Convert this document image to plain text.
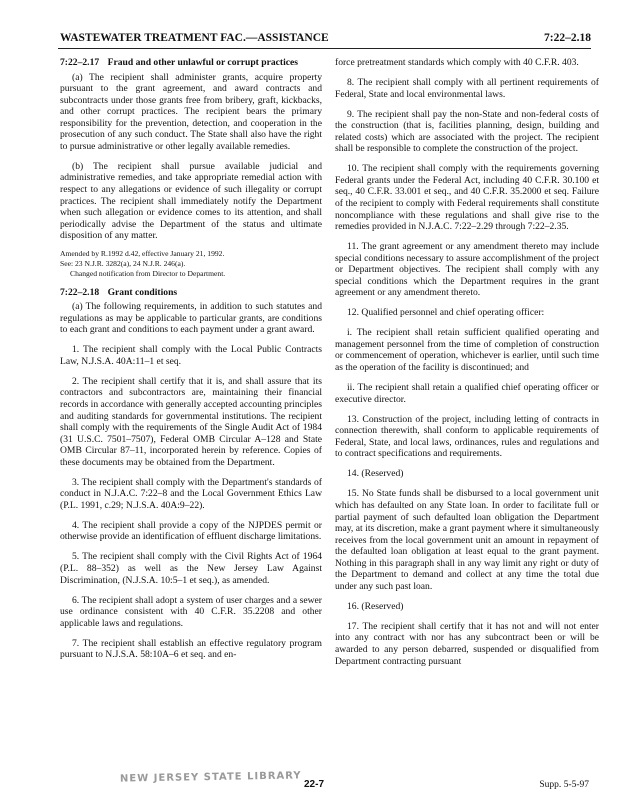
WASTEWATER TREATMENT FAC.—ASSISTANCE	7:22–2.18
7:22–2.17 Fraud and other unlawful or corrupt practices

(a) The recipient shall administer grants, acquire property pursuant to the grant agreement, and award contracts and subcontracts under those grants free from bribery, graft, kickbacks, and other corrupt practices. The recipient bears the primary responsibility for the prevention, detection, and cooperation in the prosecution of any such conduct. The State shall also have the right to pursue administrative or other legally available remedies.

(b) The recipient shall pursue available judicial and administrative remedies, and take appropriate remedial action with respect to any allegations or evidence of such illegality or corrupt practices. The recipient shall immediately notify the Department when such allegation or evidence comes to its attention, and shall periodically advise the Department of the status and ultimate disposition of any matter.

Amended by R.1992 d.42, effective January 21, 1992.

See: 23 N.J.R. 3282(a), 24 N.J.R. 246(a).

Changed notification from Director to Department.

7:22–2.18 Grant conditions

(a) The following requirements, in addition to such statutes and regulations as may be applicable to particular grants, are conditions to each grant and conditions to each payment under a grant award.

1. The recipient shall comply with the Local Public Contracts Law, N.J.S.A. 40A:11–1 et seq.

2. The recipient shall certify that it is, and shall assure that its contractors and subcontractors are, maintaining their financial records in accordance with generally accepted accounting principles and auditing standards for governmental institutions. The recipient shall comply with the requirements of the Single Audit Act of 1984 (31 U.S.C. 7501–7507), Federal OMB Circular A–128 and State OMB Circular 87–11, incorporated herein by reference. Copies of these documents may be obtained from the Department.

3. The recipient shall comply with the Department's standards of conduct in N.J.A.C. 7:22–8 and the Local Government Ethics Law (P.L. 1991, c.29; N.J.S.A. 40A:9–22).

4. The recipient shall provide a copy of the NJPDES permit or otherwise provide an identification of effluent discharge limitations.

5. The recipient shall comply with the Civil Rights Act of 1964 (P.L. 88–352) as well as the New Jersey Law Against Discrimination, (N.J.S.A. 10:5–1 et seq.), as amended.

6. The recipient shall adopt a system of user charges and a sewer use ordinance consistent with 40 C.F.R. 35.2208 and other applicable laws and regulations.

7. The recipient shall establish an effective regulatory program pursuant to N.J.S.A. 58:10A–6 et seq. and en-

force pretreatment standards which comply with 40 C.F.R. 403.

8. The recipient shall comply with all pertinent requirements of Federal, State and local environmental laws.

9. The recipient shall pay the non-State and non-federal costs of the construction (that is, facilities planning, design, building and related costs) which are associated with the project. The recipient shall be responsible to complete the construction of the project.

10. The recipient shall comply with the requirements governing Federal grants under the Federal Act, including 40 C.F.R. 30.100 et seq., 40 C.F.R. 33.001 et seq., and 40 C.F.R. 35.2000 et seq. Failure of the recipient to comply with Federal requirements shall constitute noncompliance with these regulations and shall give rise to the remedies provided in N.J.A.C. 7:22–2.29 through 7:22–2.35.

11. The grant agreement or any amendment thereto may include special conditions necessary to assure accomplishment of the project or Department objectives. The recipient shall comply with any special conditions which the Department requires in the grant agreement or any amendment thereto.

12. Qualified personnel and chief operating officer:

i. The recipient shall retain sufficient qualified operating and management personnel from the time of completion of construction or commencement of operation, whichever is earlier, until such time as the operation of the facility is discontinued; and

ii. The recipient shall retain a qualified chief operating officer or executive director.

13. Construction of the project, including letting of contracts in connection therewith, shall conform to applicable requirements of Federal, State, and local laws, ordinances, rules and regulations and to contract specifications and requirements.

14. (Reserved)

15. No State funds shall be disbursed to a local government unit which has defaulted on any State loan. In order to facilitate full or partial payment of such defaulted loan obligation the Department may, at its discretion, make a grant payment where it simultaneously receives from the local government unit an amount in repayment of the defaulted loan obligation at least equal to the grant payment. Nothing in this paragraph shall in any way limit any right or duty of the Department to demand and collect at any time the total due under any such past loan.

16. (Reserved)

17. The recipient shall certify that it has not and will not enter into any contract with nor has any subcontract been or will be awarded to any person debarred, suspended or disqualified from Department contracting pursuant

NEW JERSEY STATE LIBRARY 22-7	Supp. 5-5-97
